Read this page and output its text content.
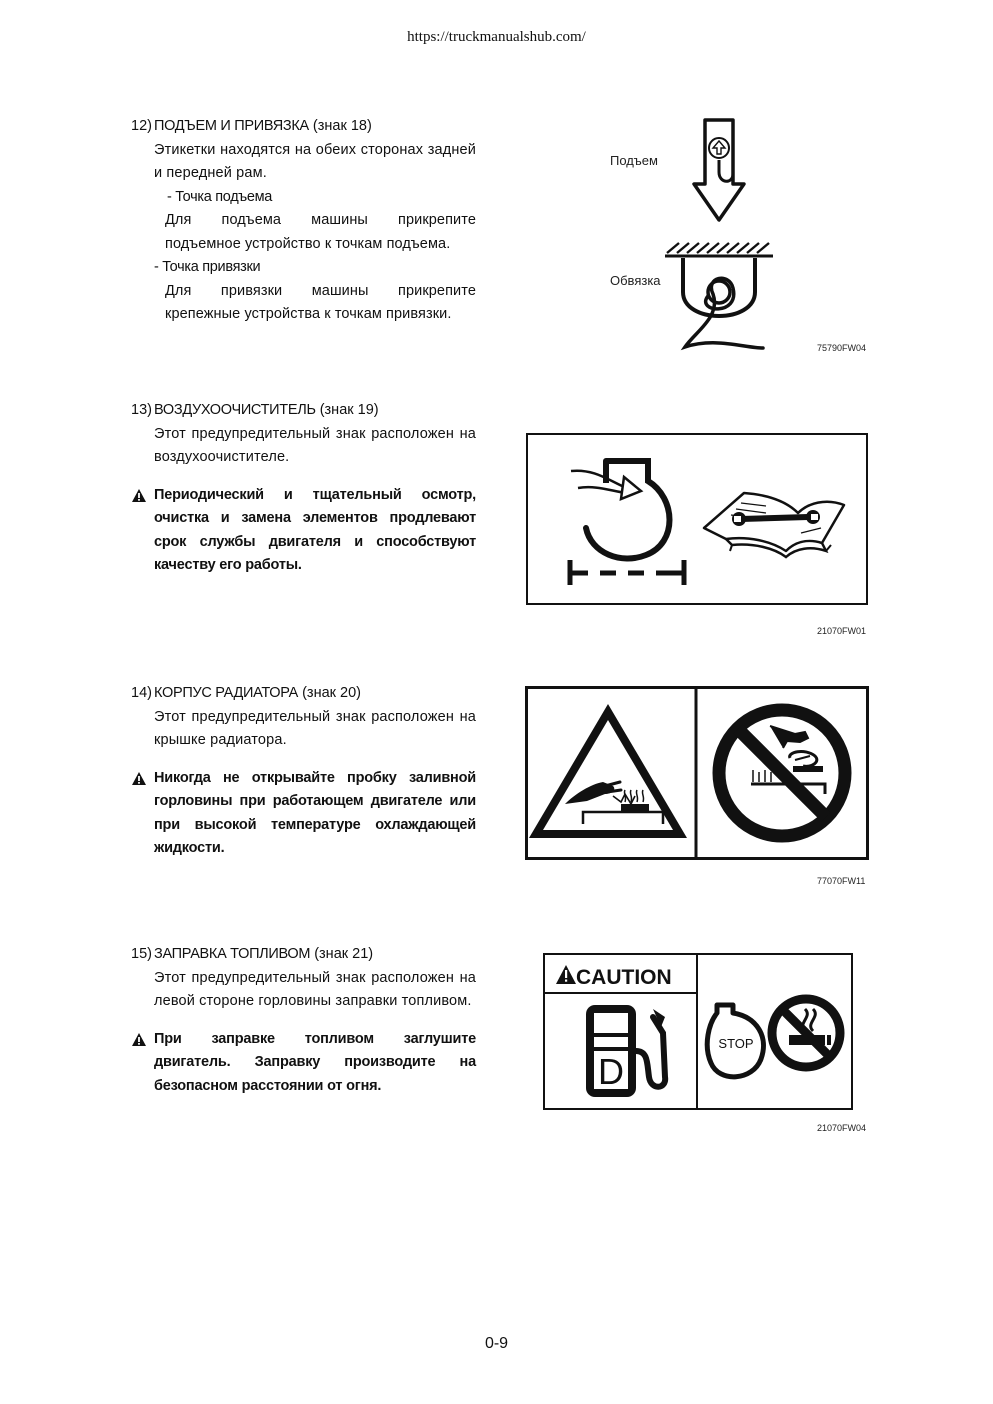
https://truckmanualshub.com/
12) ПОДЪЕМ И ПРИВЯЗКА (знак 18)
Этикетки находятся на обеих сторонах задней и передней рам.
- Точка подъема
Для подъема машины прикрепите подъемное устройство к точкам подъема.
- Точка привязки
Для привязки машины прикрепите крепежные устройства к точкам привязки.
Подъем
Обвязка
75790FW04
13) ВОЗДУХООЧИСТИТЕЛЬ (знак 19)
Этот предупредительный знак расположен на воздухоочистителе.
Периодический и тщательный осмотр, очистка и замена элементов продлевают срок службы двигателя и способствуют качеству его работы.
21070FW01
14) КОРПУС РАДИАТОРА (знак 20)
Этот предупредительный знак расположен на крышке радиатора.
Никогда не открывайте пробку заливной горловины при работающем двигателе или при высокой температуре охлаждающей жидкости.
77070FW11
15) ЗАПРАВКА ТОПЛИВОМ (знак 21)
Этот предупредительный знак расположен на левой стороне горловины заправки топливом.
При заправке топливом заглушите двигатель. Заправку производите на безопасном расстоянии от огня.
CAUTION
D
STOP
21070FW04
0-9
